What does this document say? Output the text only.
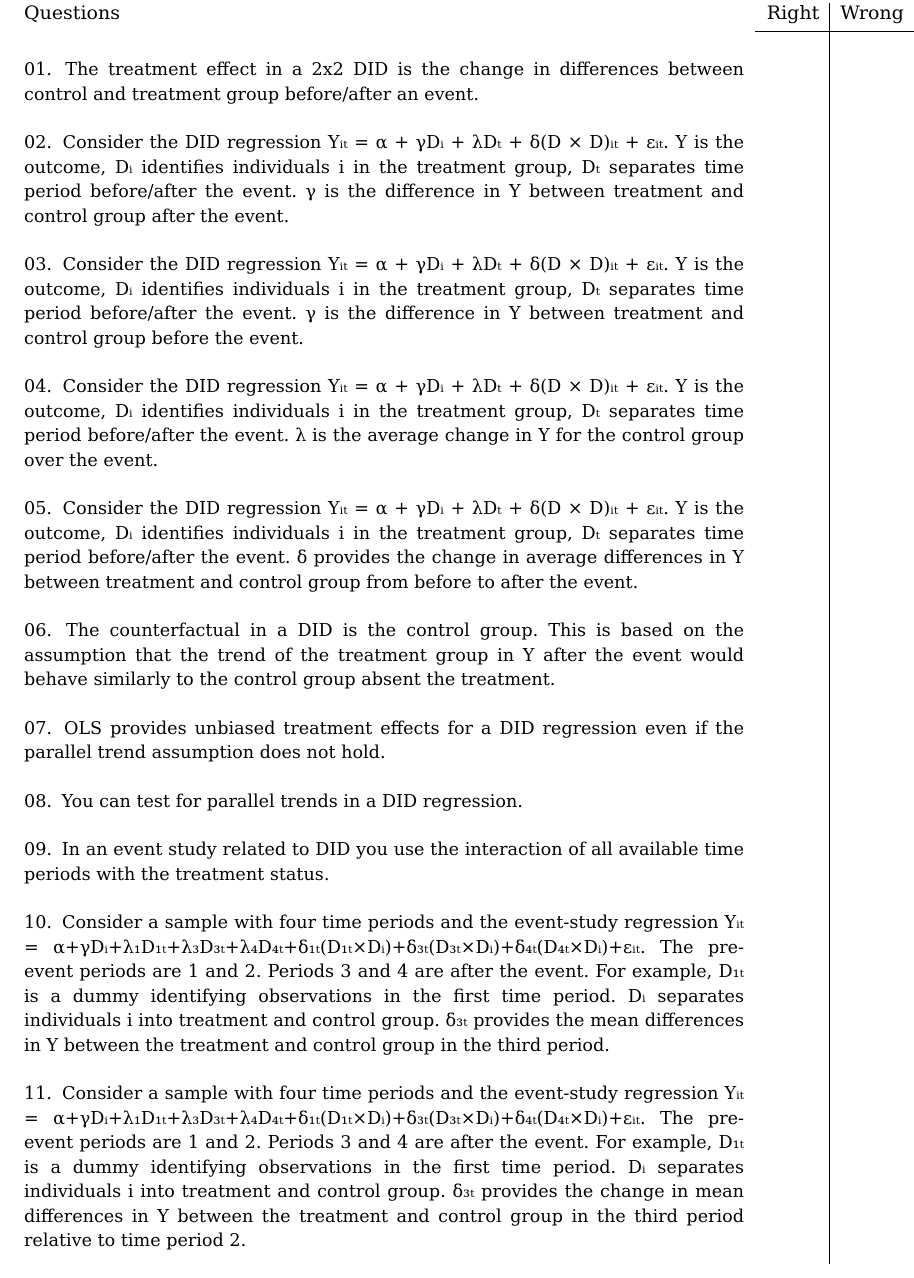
Questions	Right	Wrong

01. The treatment effect in a 2x2 DID is the change in differences between control and treatment group before/after an event.

02. Consider the DID regression Yᵢₜ = α + γDᵢ + λDₜ + δ(D × D)ᵢₜ + εᵢₜ. Y is the outcome, Dᵢ identifies individuals i in the treatment group, Dₜ separates time period before/after the event. γ is the difference in Y between treatment and control group after the event.

03. Consider the DID regression Yᵢₜ = α + γDᵢ + λDₜ + δ(D × D)ᵢₜ + εᵢₜ. Y is the outcome, Dᵢ identifies individuals i in the treatment group, Dₜ separates time period before/after the event. γ is the difference in Y between treatment and control group before the event.

04. Consider the DID regression Yᵢₜ = α + γDᵢ + λDₜ + δ(D × D)ᵢₜ + εᵢₜ. Y is the outcome, Dᵢ identifies individuals i in the treatment group, Dₜ separates time period before/after the event. λ is the average change in Y for the control group over the event.

05. Consider the DID regression Yᵢₜ = α + γDᵢ + λDₜ + δ(D × D)ᵢₜ + εᵢₜ. Y is the outcome, Dᵢ identifies individuals i in the treatment group, Dₜ separates time period before/after the event. δ provides the change in average differences in Y between treatment and control group from before to after the event.

06. The counterfactual in a DID is the control group. This is based on the assumption that the trend of the treatment group in Y after the event would behave similarly to the control group absent the treatment.

07. OLS provides unbiased treatment effects for a DID regression even if the parallel trend assumption does not hold.

08. You can test for parallel trends in a DID regression.

09. In an event study related to DID you use the interaction of all available time periods with the treatment status.

10. Consider a sample with four time periods and the event-study regression Yᵢₜ = α+γDᵢ+λ₁D₁ₜ+λ₃D₃ₜ+λ₄D₄ₜ+δ₁ₜ(D₁ₜ×Dᵢ)+δ₃ₜ(D₃ₜ×Dᵢ)+δ₄ₜ(D₄ₜ×Dᵢ)+εᵢₜ. The pre-event periods are 1 and 2. Periods 3 and 4 are after the event. For example, D₁ₜ is a dummy identifying observations in the first time period. Dᵢ separates individuals i into treatment and control group. δ₃ₜ provides the mean differences in Y between the treatment and control group in the third period.

11. Consider a sample with four time periods and the event-study regression Yᵢₜ = α+γDᵢ+λ₁D₁ₜ+λ₃D₃ₜ+λ₄D₄ₜ+δ₁ₜ(D₁ₜ×Dᵢ)+δ₃ₜ(D₃ₜ×Dᵢ)+δ₄ₜ(D₄ₜ×Dᵢ)+εᵢₜ. The pre-event periods are 1 and 2. Periods 3 and 4 are after the event. For example, D₁ₜ is a dummy identifying observations in the first time period. Dᵢ separates individuals i into treatment and control group. δ₃ₜ provides the change in mean differences in Y between the treatment and control group in the third period relative to time period 2.
